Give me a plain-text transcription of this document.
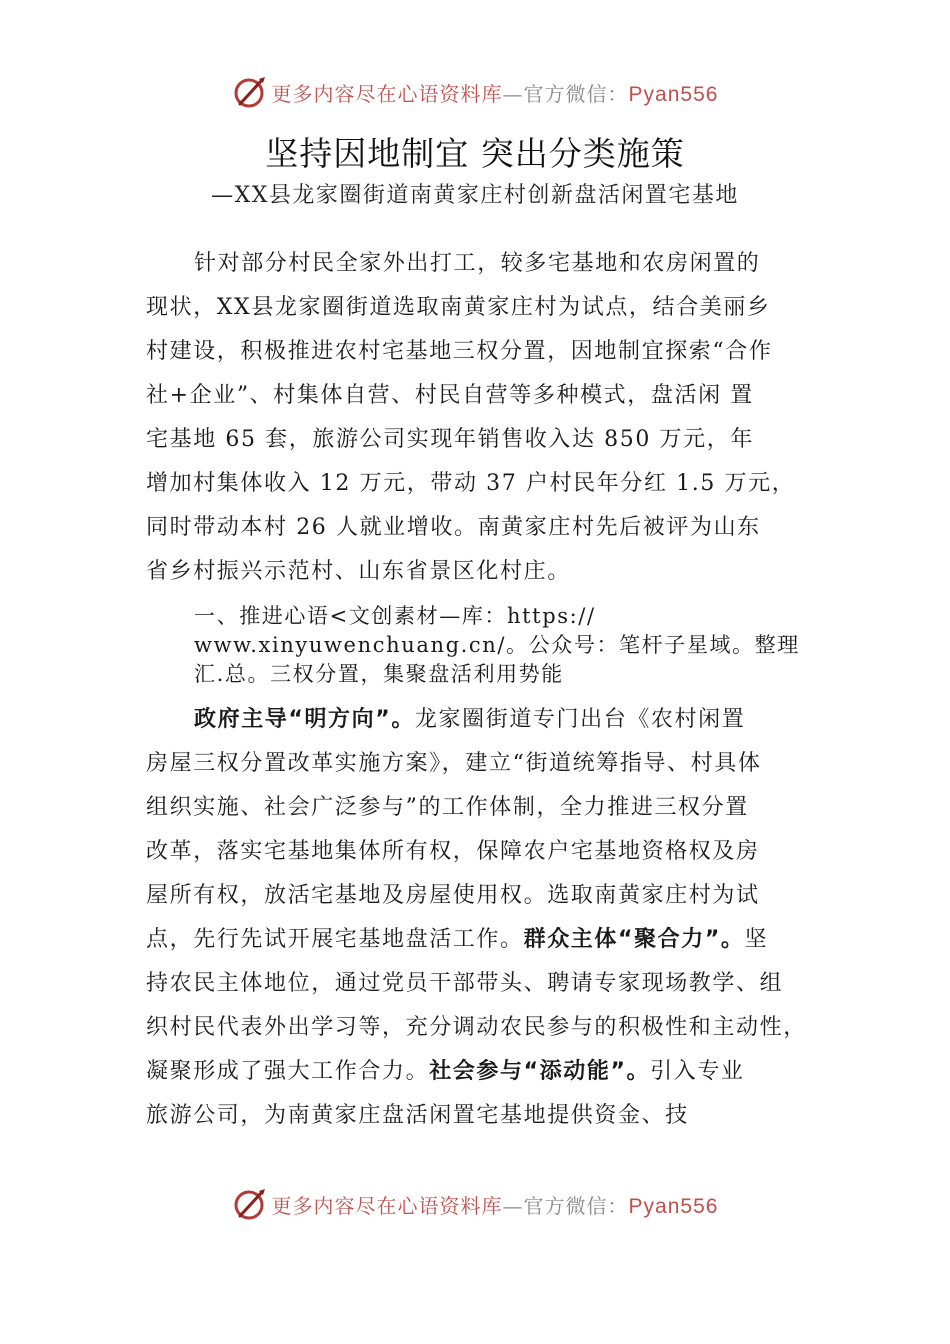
更多内容尽在心语资料库—官方微信：Pyan556
坚持因地制宜 突出分类施策
—XX县龙家圈街道南黄家庄村创新盘活闲置宅基地
针对部分村民全家外出打工，较多宅基地和农房闲置的
现状，XX县龙家圈街道选取南黄家庄村为试点，结合美丽乡
村建设，积极推进农村宅基地三权分置，因地制宜探索“合作
社+企业”、村集体自营、村民自营等多种模式，盘活闲 置
宅基地 65 套，旅游公司实现年销售收入达 850 万元，年
增加村集体收入 12 万元，带动 37 户村民年分红 1.5 万元，
同时带动本村 26 人就业增收。南黄家庄村先后被评为山东
省乡村振兴示范村、山东省景区化村庄。
一、推进心语<文创素材—库：https://
www.xinyuwenchuang.cn/。公众号：笔杆子星域。整理
汇.总。三权分置，集聚盘活利用势能
政府主导“明方向”。龙家圈街道专门出台《农村闲置
房屋三权分置改革实施方案》，建立“街道统筹指导、村具体
组织实施、社会广泛参与”的工作体制，全力推进三权分置
改革，落实宅基地集体所有权，保障农户宅基地资格权及房
屋所有权，放活宅基地及房屋使用权。选取南黄家庄村为试
点，先行先试开展宅基地盘活工作。群众主体“聚合力”。坚
持农民主体地位，通过党员干部带头、聘请专家现场教学、组
织村民代表外出学习等，充分调动农民参与的积极性和主动性，
凝聚形成了强大工作合力。社会参与“添动能”。引入专业
旅游公司，为南黄家庄盘活闲置宅基地提供资金、技
更多内容尽在心语资料库—官方微信：Pyan556
